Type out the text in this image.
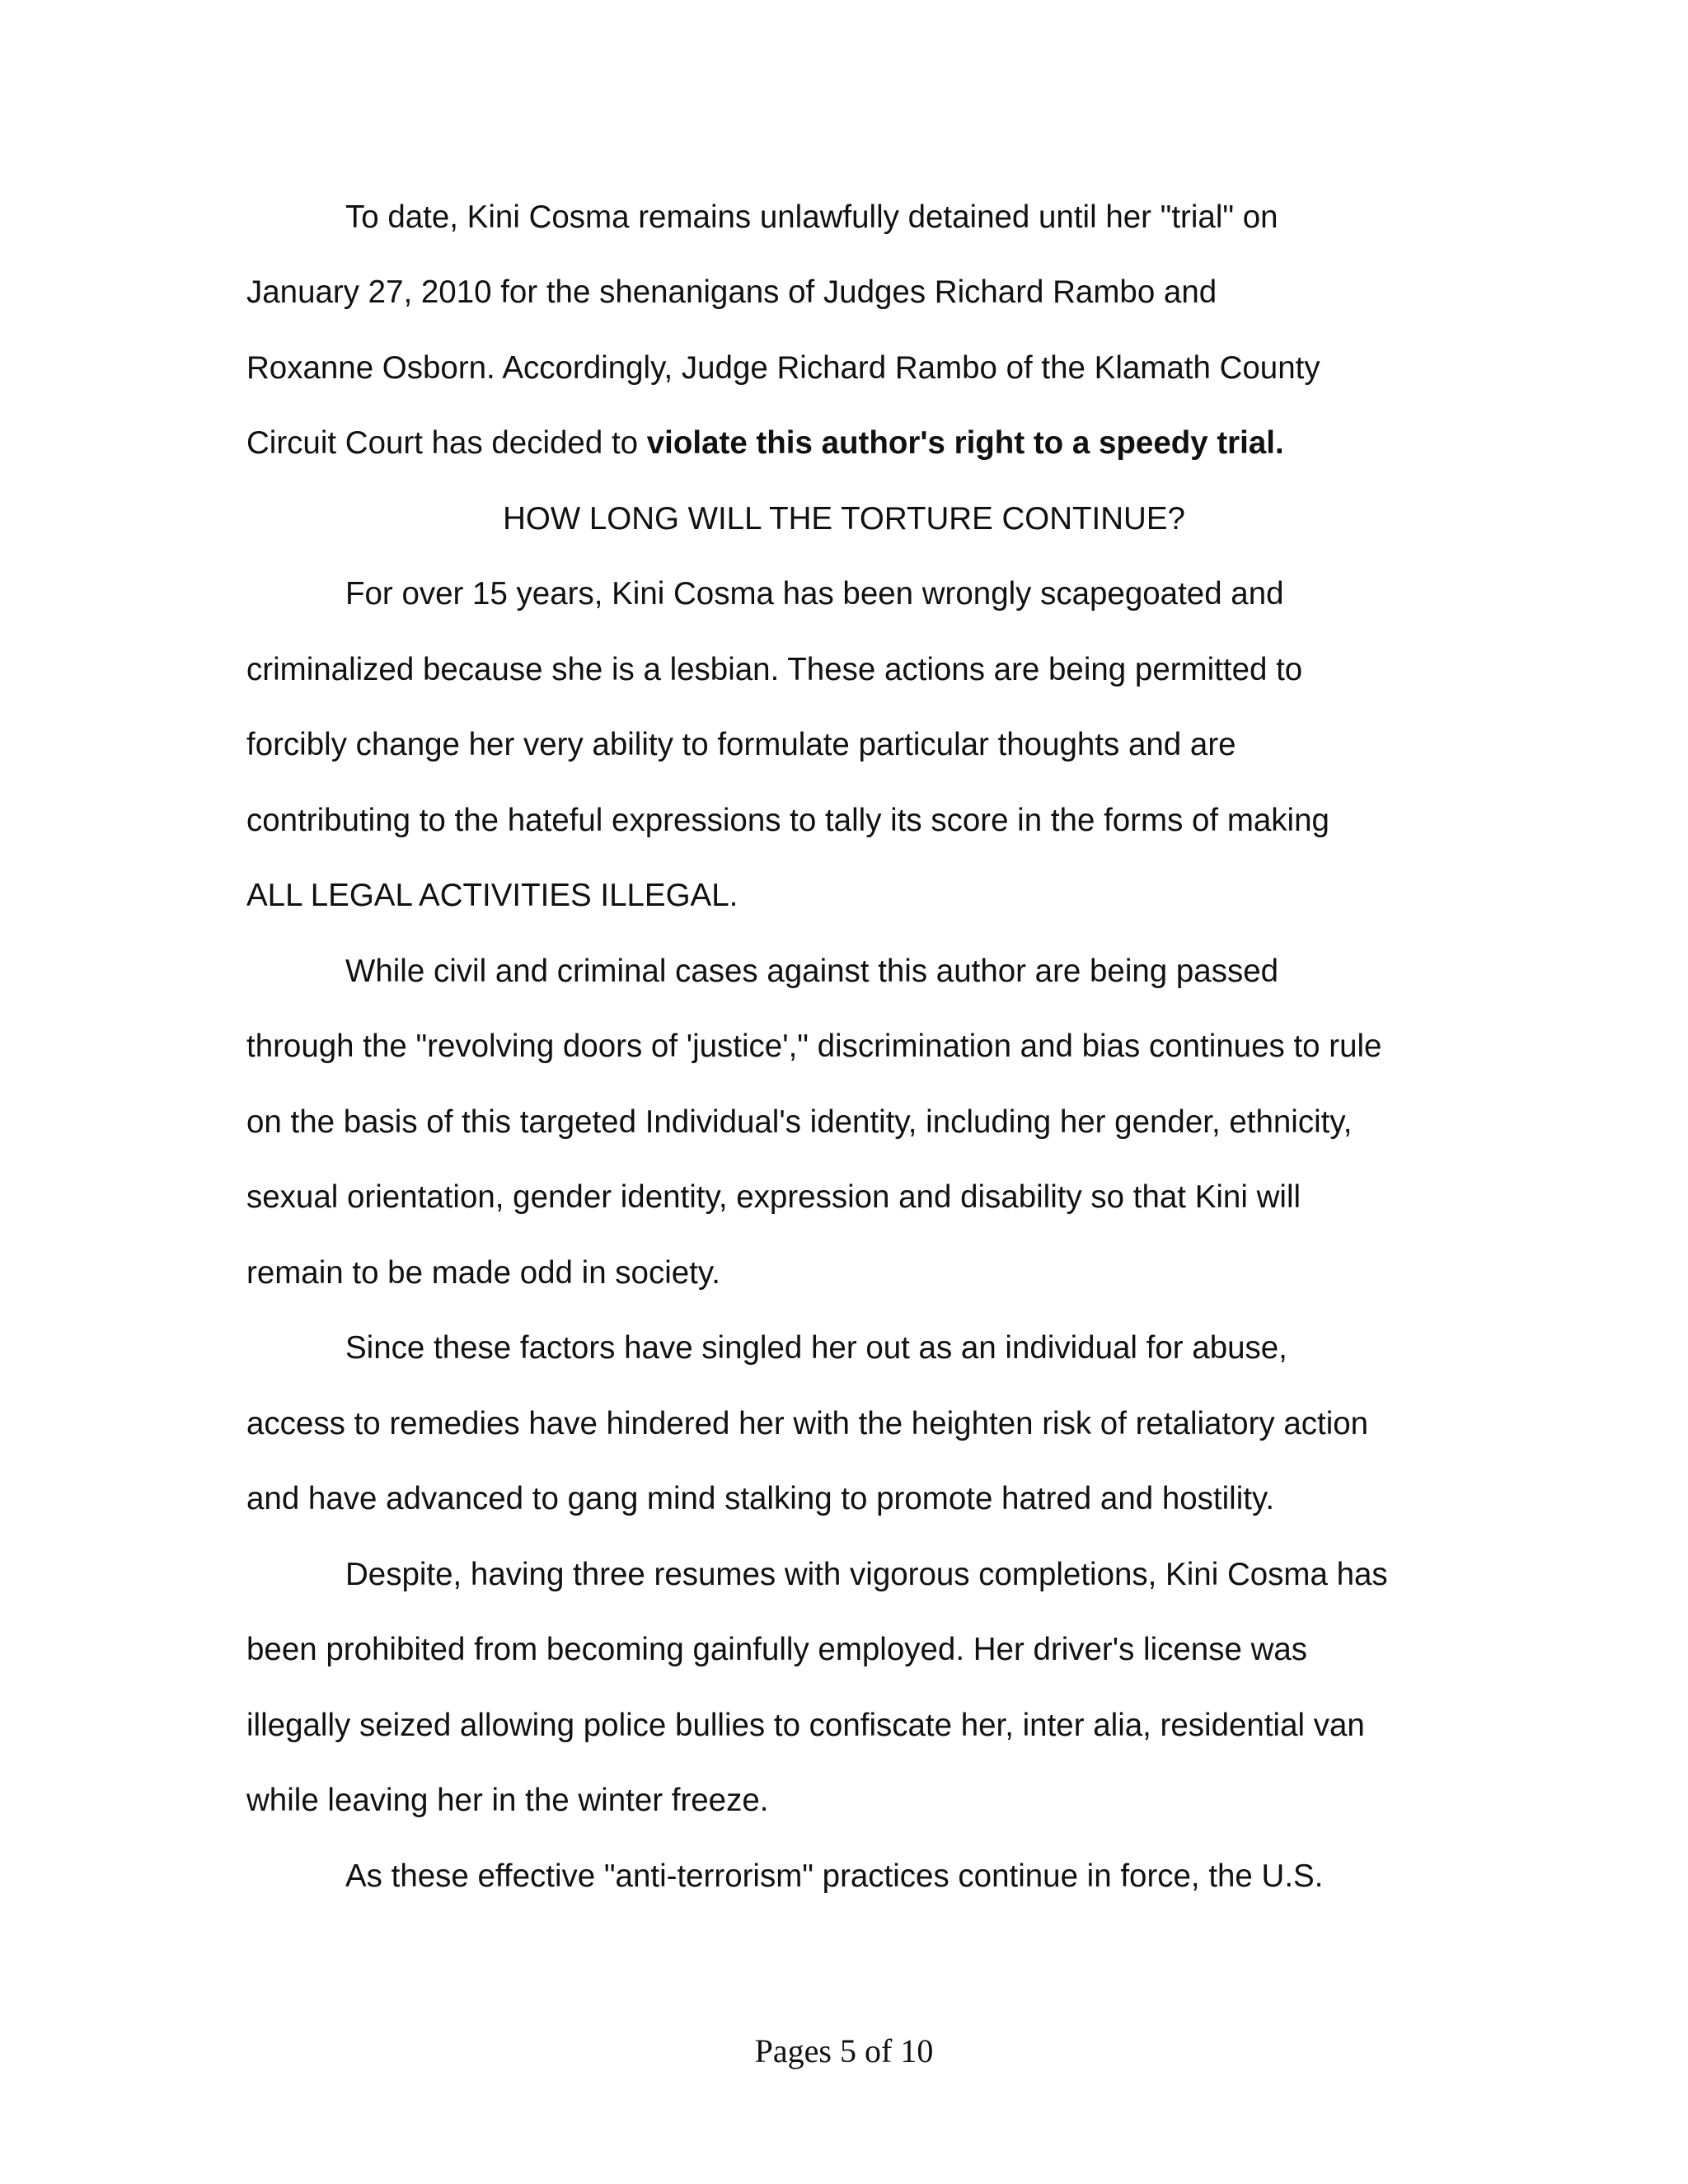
To date, Kini Cosma remains unlawfully detained until her "trial" on
January 27, 2010 for the shenanigans of Judges Richard Rambo and
Roxanne Osborn. Accordingly, Judge Richard Rambo of the Klamath County
Circuit Court has decided to violate this author's right to a speedy trial.
HOW LONG WILL THE TORTURE CONTINUE?
For over 15 years, Kini Cosma has been wrongly scapegoated and
criminalized because she is a lesbian. These actions are being permitted to
forcibly change her very ability to formulate particular thoughts and are
contributing to the hateful expressions to tally its score in the forms of making
ALL LEGAL ACTIVITIES ILLEGAL.
While civil and criminal cases against this author are being passed
through the "revolving doors of 'justice'," discrimination and bias continues to rule
on the basis of this targeted Individual's identity, including her gender, ethnicity,
sexual orientation, gender identity, expression and disability so that Kini will
remain to be made odd in society.
Since these factors have singled her out as an individual for abuse,
access to remedies have hindered her with the heighten risk of retaliatory action
and have advanced to gang mind stalking to promote hatred and hostility.
Despite, having three resumes with vigorous completions, Kini Cosma has
been prohibited from becoming gainfully employed. Her driver's license was
illegally seized allowing police bullies to confiscate her, inter alia, residential van
while leaving her in the winter freeze.
As these effective "anti-terrorism" practices continue in force, the U.S.
Pages 5 of 10
